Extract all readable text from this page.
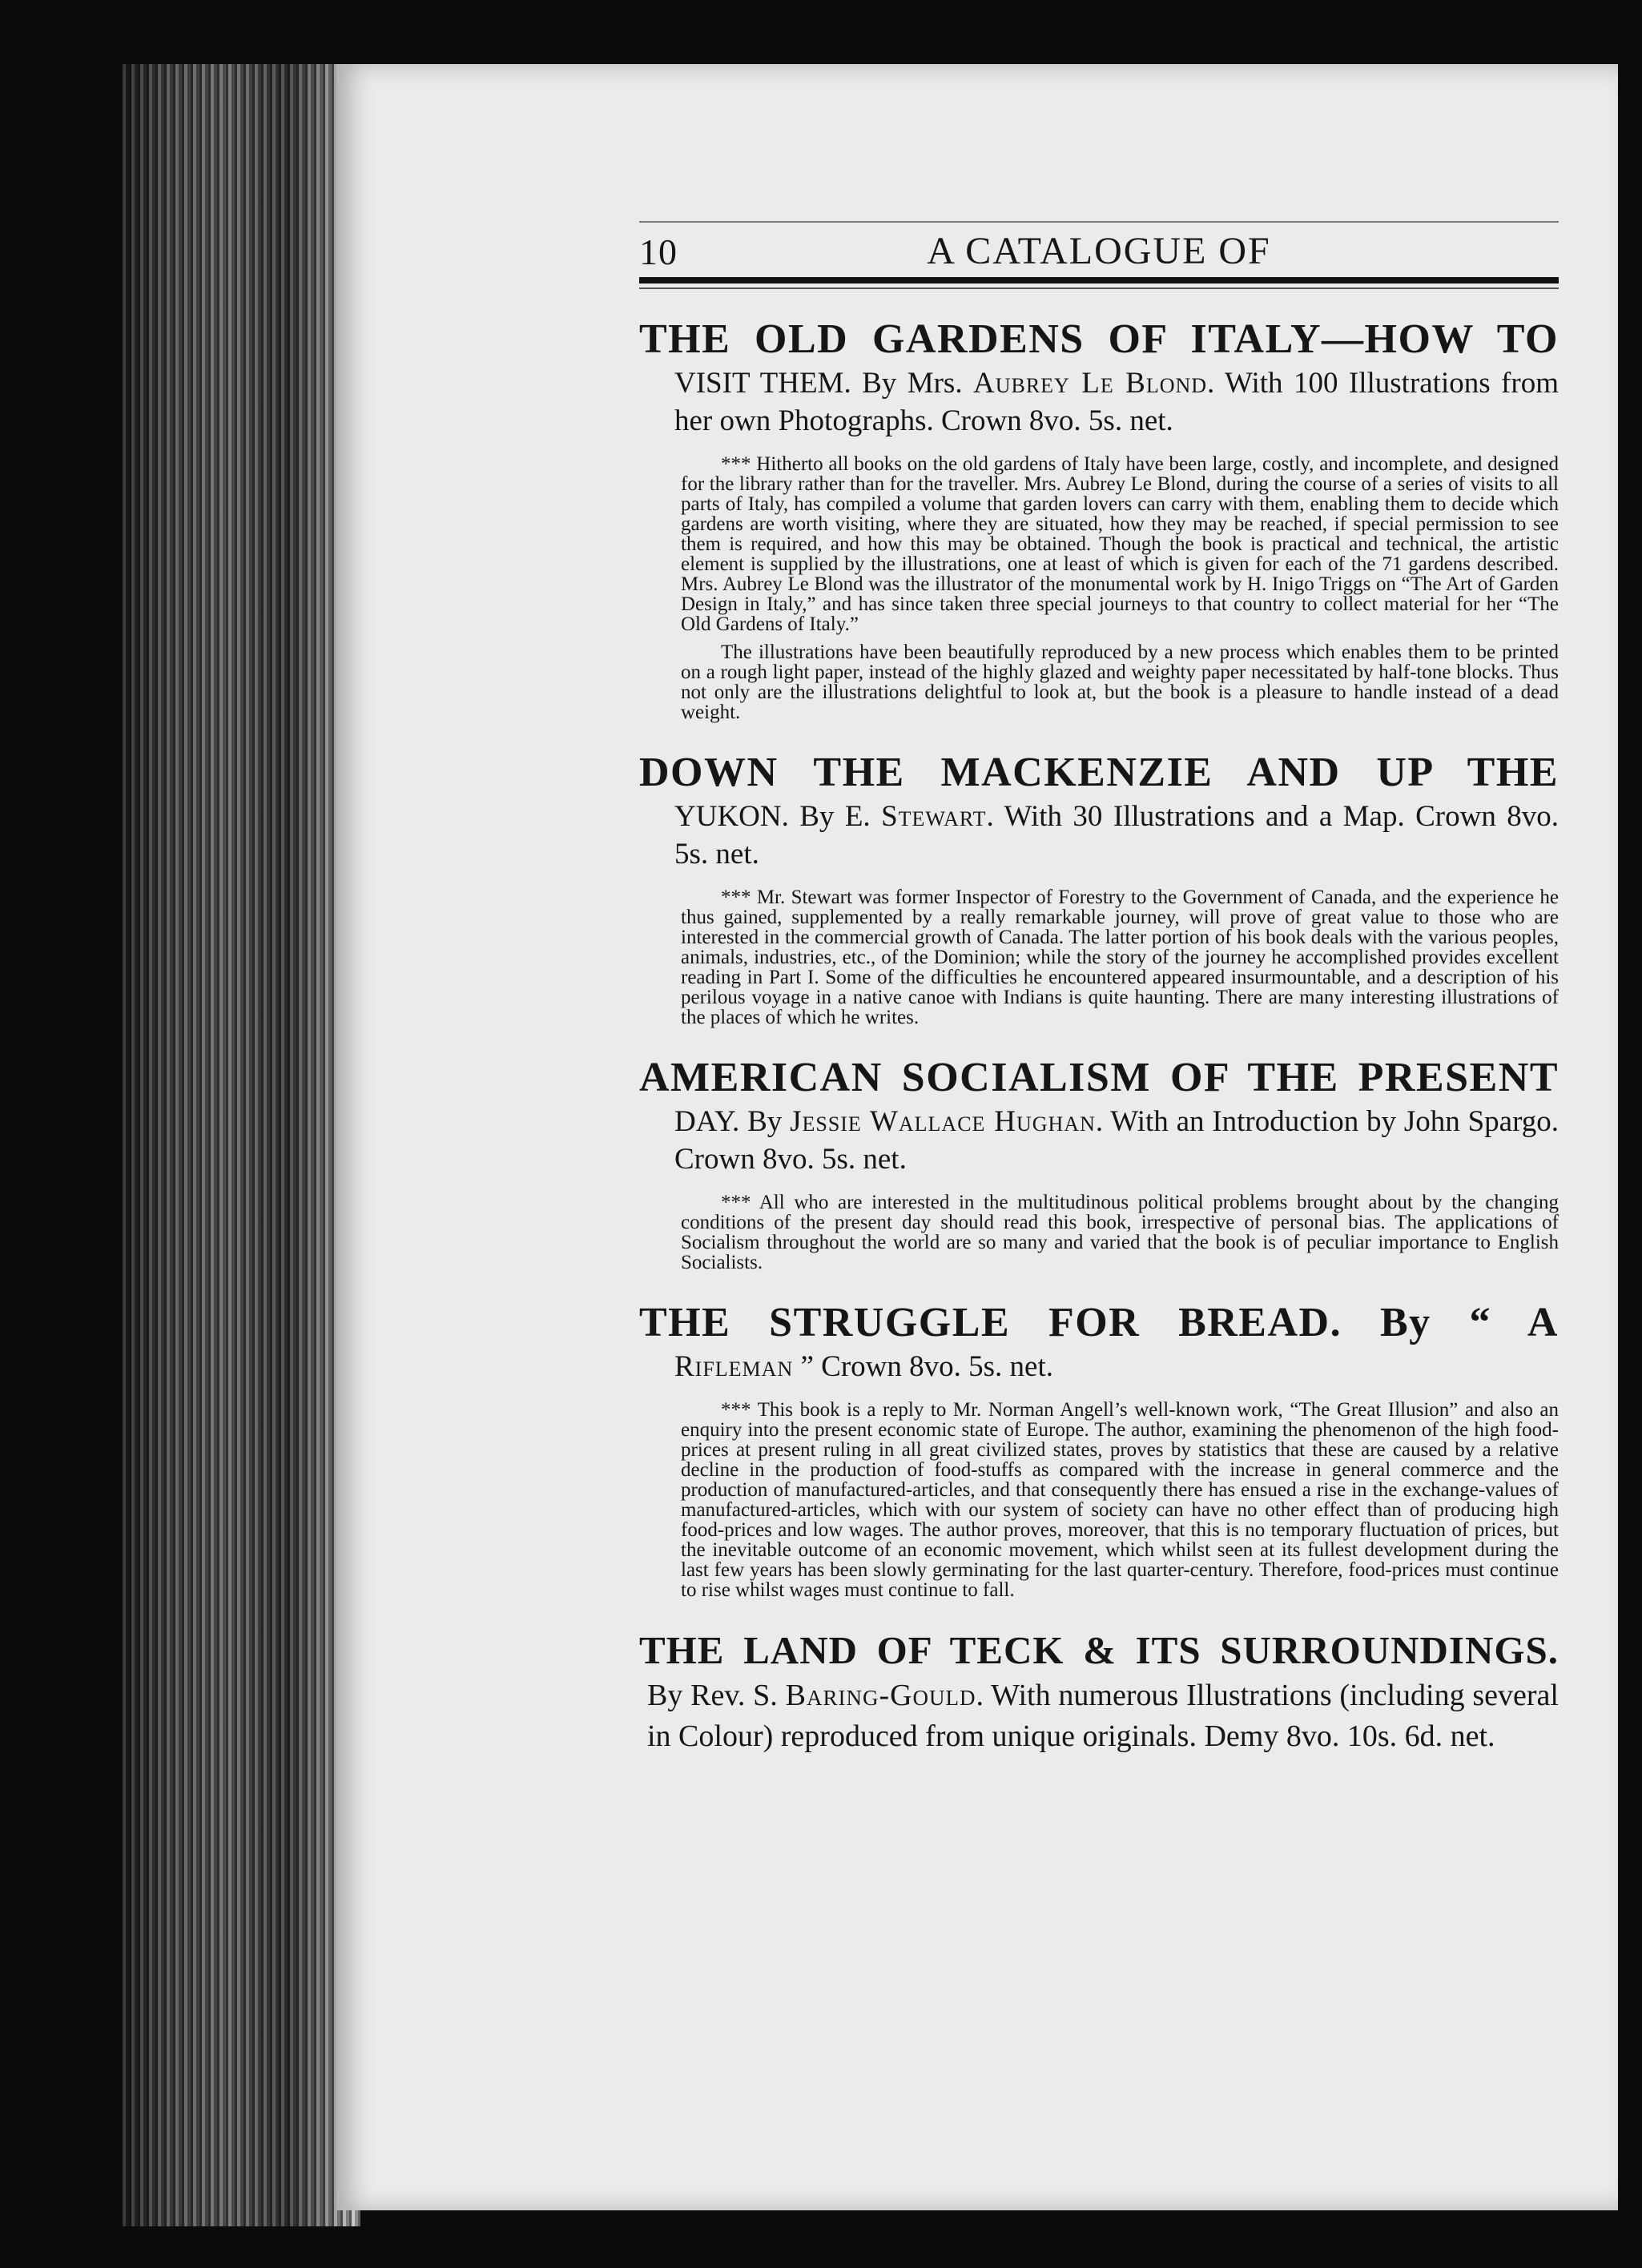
10	A CATALOGUE OF
THE OLD GARDENS OF ITALY—HOW TO

VISIT THEM. By Mrs. Aubrey Le Blond. With 100 Illustrations from her own Photographs. Crown 8vo. 5s. net.

*** Hitherto all books on the old gardens of Italy have been large, costly, and incomplete, and designed for the library rather than for the traveller. Mrs. Aubrey Le Blond, during the course of a series of visits to all parts of Italy, has compiled a volume that garden lovers can carry with them, enabling them to decide which gardens are worth visiting, where they are situated, how they may be reached, if special permission to see them is required, and how this may be obtained. Though the book is practical and technical, the artistic element is supplied by the illustrations, one at least of which is given for each of the 71 gardens described. Mrs. Aubrey Le Blond was the illustrator of the monumental work by H. Inigo Triggs on “The Art of Garden Design in Italy,” and has since taken three special journeys to that country to collect material for her “The Old Gardens of Italy.”

The illustrations have been beautifully reproduced by a new process which enables them to be printed on a rough light paper, instead of the highly glazed and weighty paper necessitated by half-tone blocks. Thus not only are the illustrations delightful to look at, but the book is a pleasure to handle instead of a dead weight.

DOWN THE MACKENZIE AND UP THE

YUKON. By E. Stewart. With 30 Illustrations and a Map. Crown 8vo. 5s. net.

*** Mr. Stewart was former Inspector of Forestry to the Government of Canada, and the experience he thus gained, supplemented by a really remarkable journey, will prove of great value to those who are interested in the commercial growth of Canada. The latter portion of his book deals with the various peoples, animals, industries, etc., of the Dominion; while the story of the journey he accomplished provides excellent reading in Part I. Some of the difficulties he encountered appeared insurmountable, and a description of his perilous voyage in a native canoe with Indians is quite haunting. There are many interesting illustrations of the places of which he writes.

AMERICAN SOCIALISM OF THE PRESENT

DAY. By Jessie Wallace Hughan. With an Introduction by John Spargo. Crown 8vo. 5s. net.

*** All who are interested in the multitudinous political problems brought about by the changing conditions of the present day should read this book, irrespective of personal bias. The applications of Socialism throughout the world are so many and varied that the book is of peculiar importance to English Socialists.

THE STRUGGLE FOR BREAD. By “ A

Rifleman ” Crown 8vo. 5s. net.

*** This book is a reply to Mr. Norman Angell’s well-known work, “The Great Illusion” and also an enquiry into the present economic state of Europe. The author, examining the phenomenon of the high food-prices at present ruling in all great civilized states, proves by statistics that these are caused by a relative decline in the production of food-stuffs as compared with the increase in general commerce and the production of manufactured-articles, and that consequently there has ensued a rise in the exchange-values of manufactured-articles, which with our system of society can have no other effect than of producing high food-prices and low wages. The author proves, moreover, that this is no temporary fluctuation of prices, but the inevitable outcome of an economic movement, which whilst seen at its fullest development during the last few years has been slowly germinating for the last quarter-century. Therefore, food-prices must continue to rise whilst wages must continue to fall.

THE LAND OF TECK & ITS SURROUNDINGS.

By Rev. S. Baring-Gould. With numerous Illustrations (including several in Colour) reproduced from unique originals. Demy 8vo. 10s. 6d. net.
